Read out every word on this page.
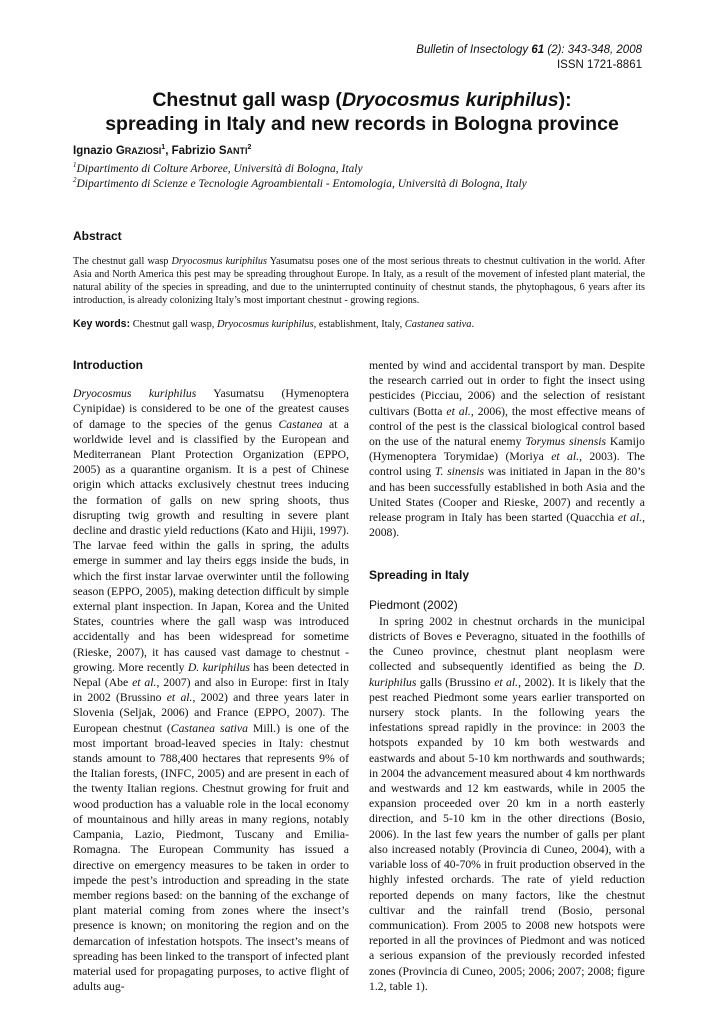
Bulletin of Insectology 61 (2): 343-348, 2008
ISSN 1721-8861
Chestnut gall wasp (Dryocosmus kuriphilus):
spreading in Italy and new records in Bologna province
Ignazio GRAZIOSI$^1$, Fabrizio SANTI$^2$
$^1$Dipartimento di Colture Arboree, Università di Bologna, Italy
$^2$Dipartimento di Scienze e Tecnologie Agroambientali - Entomologia, Università di Bologna, Italy
Abstract
The chestnut gall wasp Dryocosmus kuriphilus Yasumatsu poses one of the most serious threats to chestnut cultivation in the world. After Asia and North America this pest may be spreading throughout Europe. In Italy, as a result of the movement of infested plant material, the natural ability of the species in spreading, and due to the uninterrupted continuity of chestnut stands, the phytophagous, 6 years after its introduction, is already colonizing Italy’s most important chestnut - growing regions.
Key words: Chestnut gall wasp, Dryocosmus kuriphilus, establishment, Italy, Castanea sativa.
Introduction

Dryocosmus kuriphilus Yasumatsu (Hymenoptera Cynipidae) is considered to be one of the greatest causes of damage to the species of the genus Castanea at a worldwide level and is classified by the European and Mediterranean Plant Protection Organization (EPPO, 2005) as a quarantine organism. It is a pest of Chinese origin which attacks exclusively chestnut trees inducing the formation of galls on new spring shoots, thus disrupting twig growth and resulting in severe plant decline and drastic yield reductions (Kato and Hijii, 1997). The larvae feed within the galls in spring, the adults emerge in summer and lay theirs eggs inside the buds, in which the first instar larvae overwinter until the following season (EPPO, 2005), making detection difficult by simple external plant inspection. In Japan, Korea and the United States, countries where the gall wasp was introduced accidentally and has been widespread for sometime (Rieske, 2007), it has caused vast damage to chestnut - growing. More recently D. kuriphilus has been detected in Nepal (Abe et al., 2007) and also in Europe: first in Italy in 2002 (Brussino et al., 2002) and three years later in Slovenia (Seljak, 2006) and France (EPPO, 2007). The European chestnut (Castanea sativa Mill.) is one of the most important broad-leaved species in Italy: chestnut stands amount to 788,400 hectares that represents 9% of the Italian forests, (INFC, 2005) and are present in each of the twenty Italian regions. Chestnut growing for fruit and wood production has a valuable role in the local economy of mountainous and hilly areas in many regions, notably Campania, Lazio, Piedmont, Tuscany and Emilia-Romagna. The European Community has issued a directive on emergency measures to be taken in order to impede the pest’s introduction and spreading in the state member regions based: on the banning of the exchange of plant material coming from zones where the insect’s presence is known; on monitoring the region and on the demarcation of infestation hotspots. The insect’s means of spreading has been linked to the transport of infected plant material used for propagating purposes, to active flight of adults aug-

mented by wind and accidental transport by man. Despite the research carried out in order to fight the insect using pesticides (Picciau, 2006) and the selection of resistant cultivars (Botta et al., 2006), the most effective means of control of the pest is the classical biological control based on the use of the natural enemy Torymus sinensis Kamijo (Hymenoptera Torymidae) (Moriya et al., 2003). The control using T. sinensis was initiated in Japan in the 80’s and has been successfully established in both Asia and the United States (Cooper and Rieske, 2007) and recently a release program in Italy has been started (Quacchia et al., 2008).

Spreading in Italy
Piedmont (2002)

In spring 2002 in chestnut orchards in the municipal districts of Boves e Peveragno, situated in the foothills of the Cuneo province, chestnut plant neoplasm were collected and subsequently identified as being the D. kuriphilus galls (Brussino et al., 2002). It is likely that the pest reached Piedmont some years earlier transported on nursery stock plants. In the following years the infestations spread rapidly in the province: in 2003 the hotspots expanded by 10 km both westwards and eastwards and about 5-10 km northwards and southwards; in 2004 the advancement measured about 4 km northwards and westwards and 12 km eastwards, while in 2005 the expansion proceeded over 20 km in a north easterly direction, and 5-10 km in the other directions (Bosio, 2006). In the last few years the number of galls per plant also increased notably (Provincia di Cuneo, 2004), with a variable loss of 40-70% in fruit production observed in the highly infested orchards. The rate of yield reduction reported depends on many factors, like the chestnut cultivar and the rainfall trend (Bosio, personal communication). From 2005 to 2008 new hotspots were reported in all the provinces of Piedmont and was noticed a serious expansion of the previously recorded infested zones (Provincia di Cuneo, 2005; 2006; 2007; 2008; figure 1.2, table 1).
